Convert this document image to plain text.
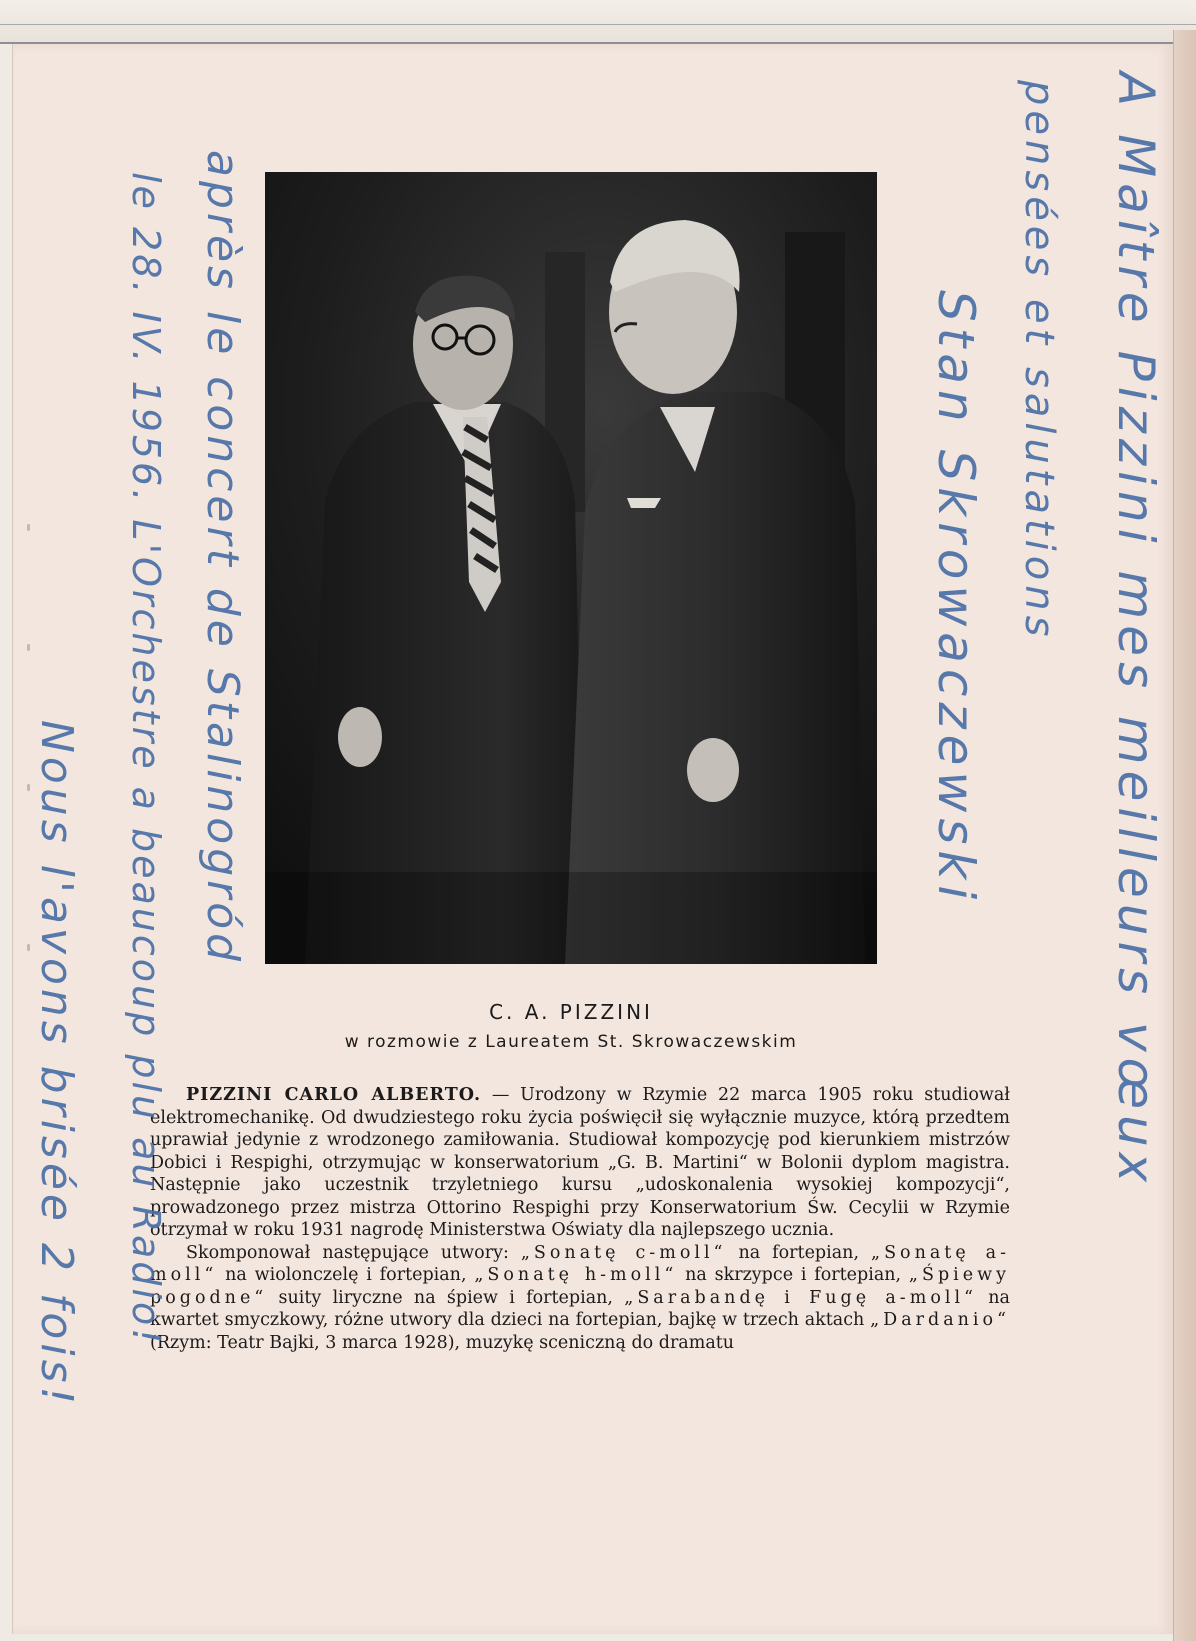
C. A. PIZZINI
w rozmowie z Laureatem St. Skrowaczewskim

PIZZINI CARLO ALBERTO. — Urodzony w Rzymie 22 marca 1905 roku studiował elektromechanikę. Od dwudziestego roku życia poświęcił się wyłącznie muzyce, którą przedtem uprawiał jedynie z wrodzonego zamiłowania. Studiował kompozycję pod kierunkiem mistrzów Dobici i Respighi, otrzymując w konserwatorium „G. B. Martini“ w Bolonii dyplom magistra. Następnie jako uczestnik trzyletniego kursu „udoskonalenia wysokiej kompozycji“, prowadzonego przez mistrza Ottorino Respighi przy Konserwatorium Św. Cecylii w Rzymie otrzymał w roku 1931 nagrodę Ministerstwa Oświaty dla najlepszego ucznia.

Skomponował następujące utwory: „Sonatę c-moll“ na fortepian, „Sonatę a-moll“ na wiolonczelę i fortepian, „Sonatę h-moll“ na skrzypce i fortepian, „Śpiewy pogodne“ suity liryczne na śpiew i fortepian, „Sarabandę i Fugę a-moll“ na kwartet smyczkowy, różne utwory dla dzieci na fortepian, bajkę w trzech aktach „Dardanio“ (Rzym: Teatr Bajki, 3 marca 1928), muzykę sceniczną do dramatu

A Maître Pizzini mes meilleurs vœux
pensées et salutations
Stan Skrowaczewski
après le concert de Stalinogród
le 28. IV. 1956. L'Orchestre a beaucoup plu au Radio!
Nous l'avons brisée 2 fois!
